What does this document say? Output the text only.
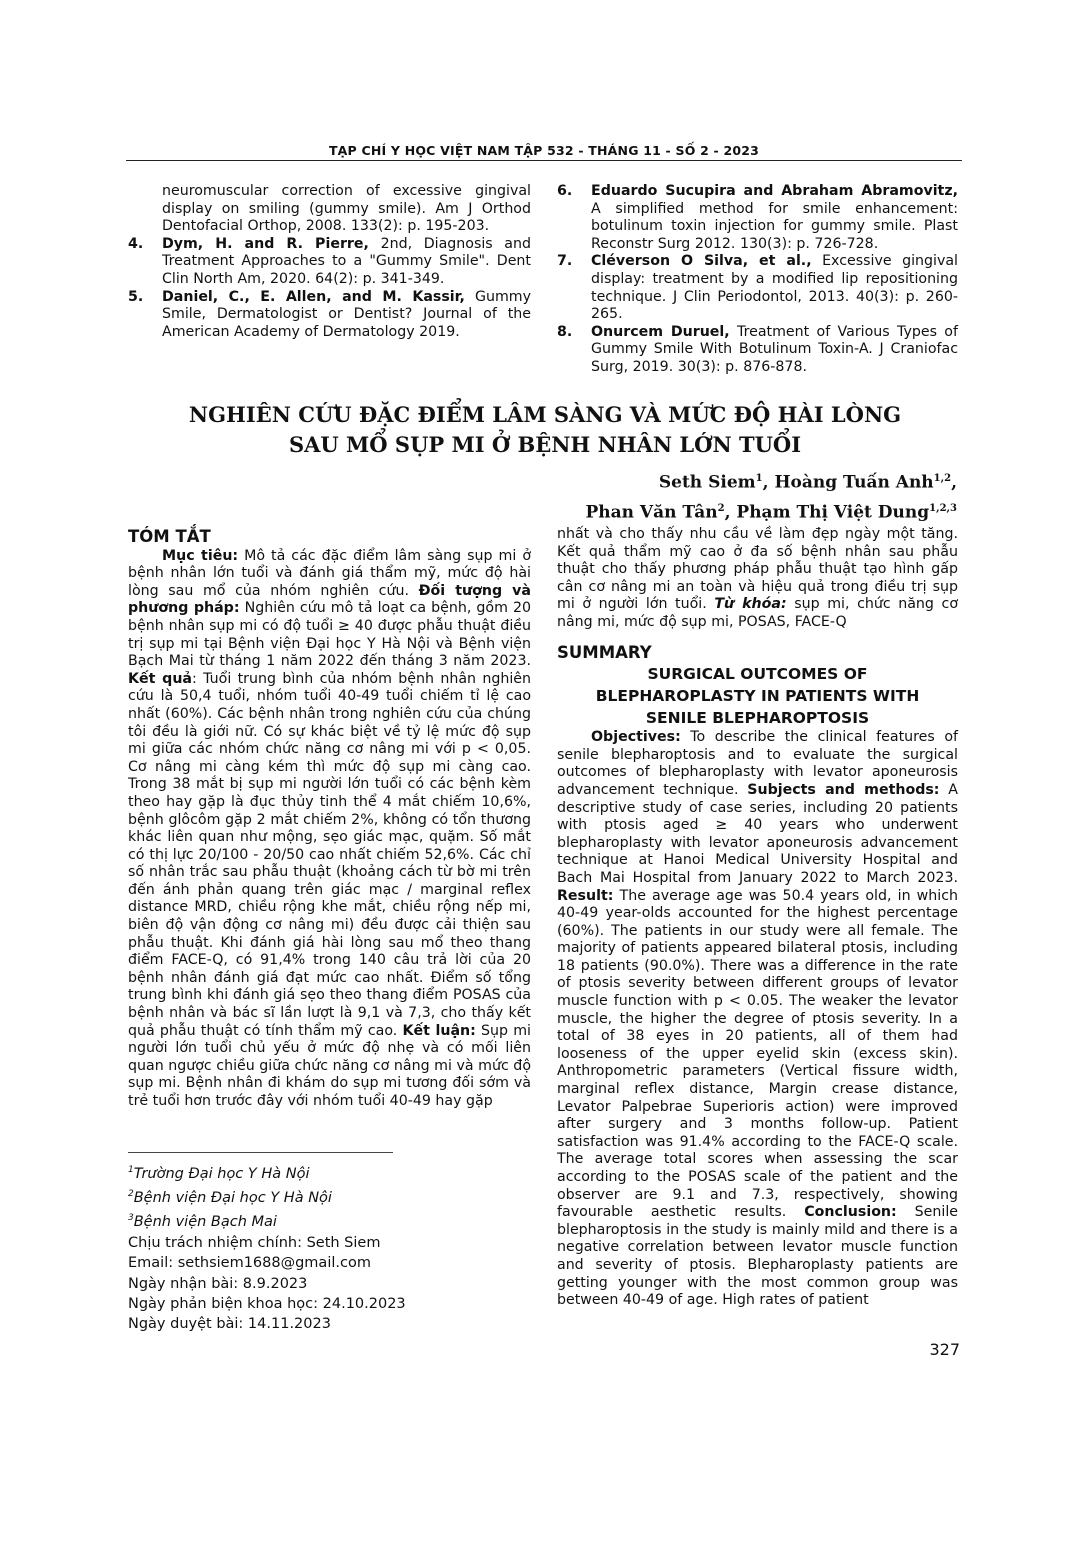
TẠP CHÍ Y HỌC VIỆT NAM TẬP 532 - THÁNG 11 - SỐ 2 - 2023

neuromuscular correction of excessive gingival display on smiling (gummy smile). Am J Orthod Dentofacial Orthop, 2008. 133(2): p. 195-203.

4. Dym, H. and R. Pierre, 2nd, Diagnosis and Treatment Approaches to a "Gummy Smile". Dent Clin North Am, 2020. 64(2): p. 341-349.

5. Daniel, C., E. Allen, and M. Kassir, Gummy Smile, Dermatologist or Dentist? Journal of the American Academy of Dermatology 2019.

6. Eduardo Sucupira and Abraham Abramovitz, A simplified method for smile enhancement: botulinum toxin injection for gummy smile. Plast Reconstr Surg 2012. 130(3): p. 726-728.

7. Cléverson O Silva, et al., Excessive gingival display: treatment by a modified lip repositioning technique. J Clin Periodontol, 2013. 40(3): p. 260-265.

8. Onurcem Duruel, Treatment of Various Types of Gummy Smile With Botulinum Toxin-A. J Craniofac Surg, 2019. 30(3): p. 876-878.

NGHIÊN CỨU ĐẶC ĐIỂM LÂM SÀNG VÀ MỨC ĐỘ HÀI LÒNG
SAU MỔ SỤP MI Ở BỆNH NHÂN LỚN TUỔI
Seth Siem$^1$, Hoàng Tuấn Anh$^{1,2}$,
Phan Văn Tân$^2$, Phạm Thị Việt Dung$^{1,2,3}$
TÓM TẮT
Mục tiêu: Mô tả các đặc điểm lâm sàng sụp mi ở bệnh nhân lớn tuổi và đánh giá thẩm mỹ, mức độ hài lòng sau mổ của nhóm nghiên cứu. Đối tượng và phương pháp: Nghiên cứu mô tả loạt ca bệnh, gồm 20 bệnh nhân sụp mi có độ tuổi ≥ 40 được phẫu thuật điều trị sụp mi tại Bệnh viện Đại học Y Hà Nội và Bệnh viện Bạch Mai từ tháng 1 năm 2022 đến tháng 3 năm 2023. Kết quả: Tuổi trung bình của nhóm bệnh nhân nghiên cứu là 50,4 tuổi, nhóm tuổi 40-49 tuổi chiếm tỉ lệ cao nhất (60%). Các bệnh nhân trong nghiên cứu của chúng tôi đều là giới nữ. Có sự khác biệt về tỷ lệ mức độ sụp mi giữa các nhóm chức năng cơ nâng mi với p < 0,05. Cơ nâng mi càng kém thì mức độ sụp mi càng cao. Trong 38 mắt bị sụp mi người lớn tuổi có các bệnh kèm theo hay gặp là đục thủy tinh thể 4 mắt chiếm 10,6%, bệnh glôcôm gặp 2 mắt chiếm 2%, không có tổn thương khác liên quan như mộng, sẹo giác mạc, quặm. Số mắt có thị lực 20/100 - 20/50 cao nhất chiếm 52,6%. Các chỉ số nhân trắc sau phẫu thuật (khoảng cách từ bờ mi trên đến ánh phản quang trên giác mạc / marginal reflex distance MRD, chiều rộng khe mắt, chiều rộng nếp mi, biên độ vận động cơ nâng mi) đều được cải thiện sau phẫu thuật. Khi đánh giá hài lòng sau mổ theo thang điểm FACE-Q, có 91,4% trong 140 câu trả lời của 20 bệnh nhân đánh giá đạt mức cao nhất. Điểm số tổng trung bình khi đánh giá sẹo theo thang điểm POSAS của bệnh nhân và bác sĩ lần lượt là 9,1 và 7,3, cho thấy kết quả phẫu thuật có tính thẩm mỹ cao. Kết luận: Sụp mi người lớn tuổi chủ yếu ở mức độ nhẹ và có mối liên quan ngược chiều giữa chức năng cơ nâng mi và mức độ sụp mi. Bệnh nhân đi khám do sụp mi tương đối sớm và trẻ tuổi hơn trước đây với nhóm tuổi 40-49 hay gặp
nhất và cho thấy nhu cầu về làm đẹp ngày một tăng. Kết quả thẩm mỹ cao ở đa số bệnh nhân sau phẫu thuật cho thấy phương pháp phẫu thuật tạo hình gấp cân cơ nâng mi an toàn và hiệu quả trong điều trị sụp mi ở người lớn tuổi. Từ khóa: sụp mi, chức năng cơ nâng mi, mức độ sụp mi, POSAS, FACE-Q
SUMMARY

SURGICAL OUTCOMES OF

BLEPHAROPLASTY IN PATIENTS WITH

SENILE BLEPHAROPTOSIS

Objectives: To describe the clinical features of senile blepharoptosis and to evaluate the surgical outcomes of blepharoplasty with levator aponeurosis advancement technique. Subjects and methods: A descriptive study of case series, including 20 patients with ptosis aged ≥ 40 years who underwent blepharoplasty with levator aponeurosis advancement technique at Hanoi Medical University Hospital and Bach Mai Hospital from January 2022 to March 2023. Result: The average age was 50.4 years old, in which 40-49 year-olds accounted for the highest percentage (60%). The patients in our study were all female. The majority of patients appeared bilateral ptosis, including 18 patients (90.0%). There was a difference in the rate of ptosis severity between different groups of levator muscle function with p < 0.05. The weaker the levator muscle, the higher the degree of ptosis severity. In a total of 38 eyes in 20 patients, all of them had looseness of the upper eyelid skin (excess skin). Anthropometric parameters (Vertical fissure width, marginal reflex distance, Margin crease distance, Levator Palpebrae Superioris action) were improved after surgery and 3 months follow-up. Patient satisfaction was 91.4% according to the FACE-Q scale. The average total scores when assessing the scar according to the POSAS scale of the patient and the observer are 9.1 and 7.3, respectively, showing favourable aesthetic results. Conclusion: Senile blepharoptosis in the study is mainly mild and there is a negative correlation between levator muscle function and severity of ptosis. Blepharoplasty patients are getting younger with the most common group was between 40-49 of age. High rates of patient
$^1$Trường Đại học Y Hà Nội
$^2$Bệnh viện Đại học Y Hà Nội
$^3$Bệnh viện Bạch Mai
Chịu trách nhiệm chính: Seth Siem
Email: sethsiem1688@gmail.com
Ngày nhận bài: 8.9.2023
Ngày phản biện khoa học: 24.10.2023
Ngày duyệt bài: 14.11.2023
327
